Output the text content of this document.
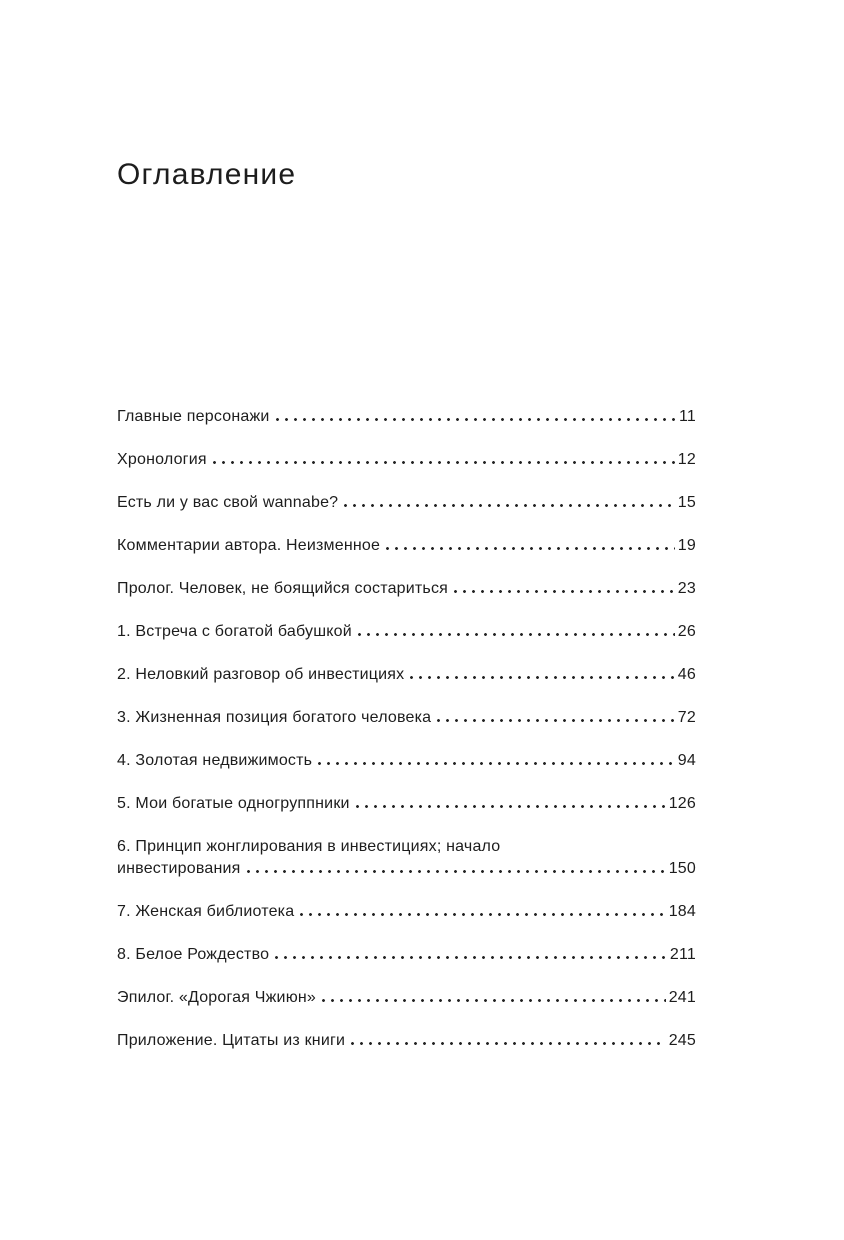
Оглавление
Главные персонажи	11
Хронология	12
Есть ли у вас свой wannabe?	15
Комментарии автора. Неизменное	19
Пролог. Человек, не боящийся состариться	23
1. Встреча с богатой бабушкой	26
2. Неловкий разговор об инвестициях	46
3. Жизненная позиция богатого человека	72
4. Золотая недвижимость	94
5. Мои богатые одногруппники	126
6. Принцип жонглирования в инвестициях; начало
инвестирования	150
7. Женская библиотека	184
8. Белое Рождество	211
Эпилог. «Дорогая Чжиюн»	241
Приложение. Цитаты из книги	245
